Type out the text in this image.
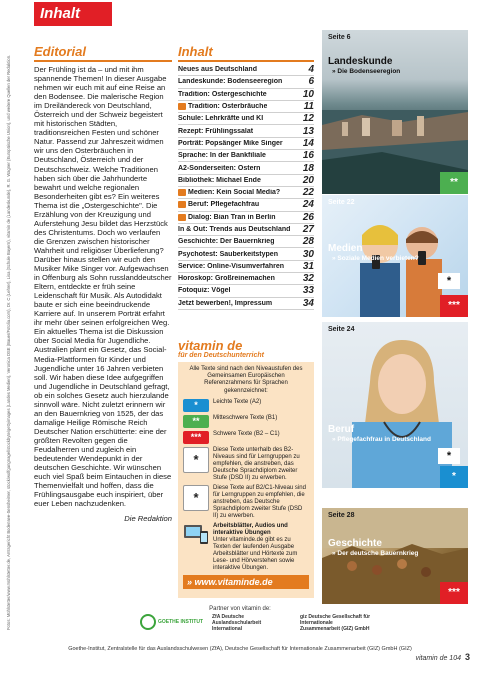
Inhalt
Fotos: Mühlstetter/www.mühlstetter.de, Amtsgericht Bodensee-Sensheimer, stock/wolfgangnagel/stockbyte/gettyimages (Landes Medien), Veronica DSE (Bauer/Fotolia.com), Dr. C (Lehrer), Lisa (Schule Bayern), vitamin de (Landeskunde), R. G. Wagner (Europäische Union), und weitere Quellen der Redaktion.
Editorial

Der Frühling ist da – und mit ihm spannende Themen! In dieser Ausgabe nehmen wir euch mit auf eine Reise an den Bodensee. Die malerische Region im Dreiländereck von Deutschland, Österreich und der Schweiz begeistert mit historischen Städten, traditionsreichen Festen und schöner Natur. Passend zur Jahreszeit widmen wir uns den Osterbräuchen in Deutschland, Österreich und der Deutschschweiz. Welche Traditionen haben sich über die Jahrhunderte bewahrt und welche regionalen Besonderheiten gibt es? Ein weiteres Thema ist die „Ostergeschichte". Die Erzählung von der Kreuzigung und Auferstehung Jesu bildet das Herzstück des Christentums. Doch wo verlaufen die Grenzen zwischen historischer Wahrheit und religiöser Überlieferung? Darüber hinaus stellen wir euch den Musiker Mike Singer vor. Aufgewachsen in Offenburg als Sohn russlanddeutscher Eltern, entdeckte er früh seine Leidenschaft für Musik. Als Autodidakt baute er sich eine beeindruckende Karriere auf. In unserem Porträt erfahrt ihr mehr über seinen erfolgreichen Weg. Ein aktuelles Thema ist die Diskussion über Social Media für Jugendliche. Australien plant ein Gesetz, das Social-Media-Plattformen für Kinder und Jugendliche unter 16 Jahren verbieten soll. Wir haben diese Idee aufgegriffen und Jugendliche in Deutschland gefragt, ob ein solches Gesetz auch hierzulande sinnvoll wäre. Nicht zuletzt erinnern wir an den Bauernkrieg von 1525, der das damalige Heilige Römische Reich Deutscher Nation erschütterte: eine der größten Revolten gegen die Feudalherren und zugleich ein bedeutender Wendepunkt in der deutschen Geschichte. Wir wünschen euch viel Spaß beim Eintauchen in diese Themenvielfalt und hoffen, dass die Frühlingsausgabe euch inspiriert, über euer Leben nachzudenken.

Die Redaktion
Inhalt
Neues aus Deutschland	4
Landeskunde: Bodenseeregion	6
Tradition: Ostergeschichte	10
Tradition: Osterbräuche	11
Schule: Lehrkräfte und KI	12
Rezept: Frühlingssalat	13
Porträt: Popsänger Mike Singer 14
Sprache: In der Bankfiliale	16
A2-Sonderseiten: Ostern	18
Bibliothek: Michael Ende	20
Medien: Kein Social Media? 22
Beruf: Pflegefachfrau	24
Dialog: Bian Tran in Berlin	26
In & Out: Trends aus Deutschland 27
Geschichte: Der Bauernkrieg	28
Psychotest: Sauberkeitstypen 30
Service: Online-Visumverfahren 31
Horoskop: Großreinemachen	32
Fotoquiz: Vögel	33
Jetzt bewerben!, Impressum	34
vitamin de
für den Deutschunterricht
Alle Texte sind nach den Niveaustufen des Gemeinsamen Europäischen Referenzrahmens für Sprachen gekennzeichnet:
*	Leichte Texte (A2)
**	Mitteschwere Texte (B1)
***	Schwere Texte (B2 – C1)
*
Diese Texte unterhalb des B2-Niveaus sind für Lerngruppen zu empfehlen, die anstreben, das Deutsche Sprachdiplom zweiter Stufe (DSD II) zu erwerben.
*
Diese Texte auf B2/C1-Niveau sind für Lerngruppen zu empfehlen, die anstreben, das Deutsche Sprachdiplom zweiter Stufe (DSD II) zu erwerben.
Arbeitsblätter, Audios und interaktive Übungen
Unter vitaminde.de gibt es zu Texten der laufenden Ausgabe Arbeitsblätter und Hörtexte zum Lese- und Hörverstehen sowie interaktive Übungen.
» www.vitaminde.de
Seite 6
Landeskunde
» Die Bodenseeregion
**
Seite 22
Medien
» Soziale Medien verbieten?
*
***
Seite 24
Beruf
» Pflegefachfrau in Deutschland
*
*
Seite 28
Geschichte
» Der deutsche Bauernkrieg
***
Partner von vitamin de:
GOETHE INSTITUT
ZfA Deutsche Auslandsschularbeit International
giz Deutsche Gesellschaft für Internationale Zusammenarbeit (GIZ) GmbH
Goethe-Institut, Zentralstelle für das Auslandsschulwesen (ZfA), Deutsche Gesellschaft für Internationale Zusammenarbeit (GIZ) GmbH (GIZ)
vitamin de 104 3
